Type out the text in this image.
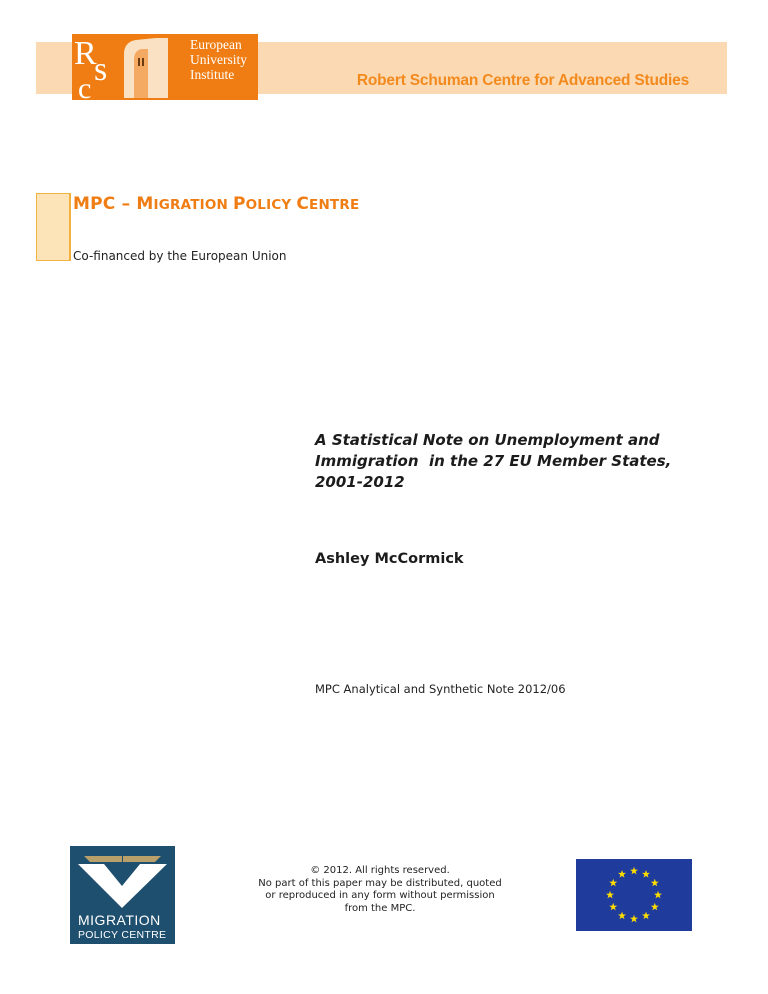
Robert Schuman Centre for Advanced Studies
R
s
c
European
University
Institute
MPC – MIGRATION POLICY CENTRE
Co-financed by the European Union
A Statistical Note on Unemployment and
Immigration  in the 27 EU Member States,
2001-2012
Ashley McCormick
MPC Analytical and Synthetic Note 2012/06
MIGRATION
POLICY CENTRE
© 2012. All rights reserved.
No part of this paper may be distributed, quoted
or reproduced in any form without permission
from the MPC.
